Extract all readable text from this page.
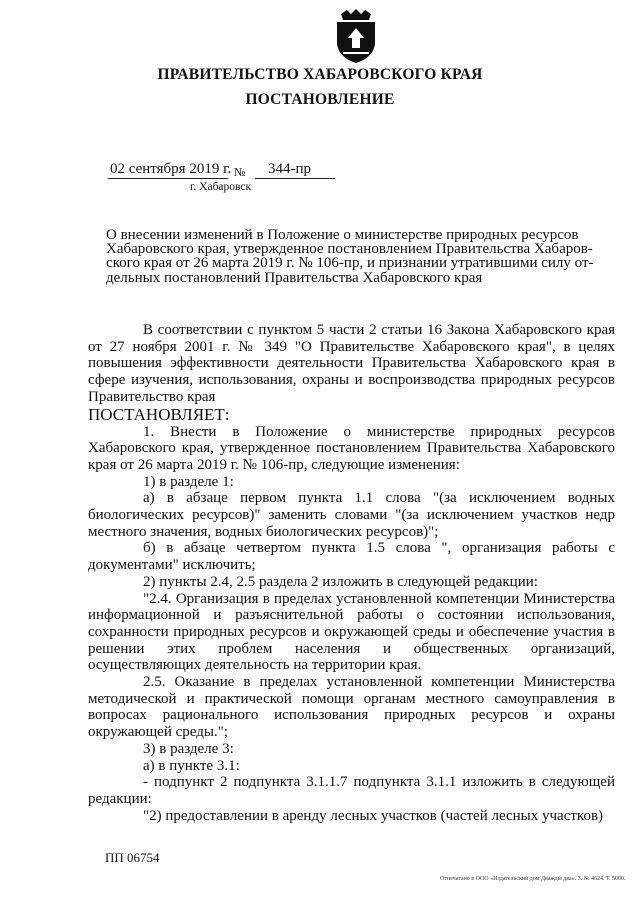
ПРАВИТЕЛЬСТВО ХАБАРОВСКОГО КРАЯ
ПОСТАНОВЛЕНИЕ
02 сентября 2019 г. № 344-пр
г. Хабаровск
О внесении изменений в Положение о министерстве природных ресурсов
Хабаровского края, утвержденное постановлением Правительства Хабаров-
ского края от 26 марта 2019 г. № 106-пр, и признании утратившими силу от-
дельных постановлений Правительства Хабаровского края

В соответствии с пунктом 5 части 2 статьи 16 Закона Хабаровского края от 27 ноября 2001 г. № 349 "О Правительстве Хабаровского края", в целях повышения эффективности деятельности Правительства Хабаровского края в сфере изучения, использования, охраны и воспроизводства природных ресурсов Правительство края

ПОСТАНОВЛЯЕТ:

1. Внести в Положение о министерстве природных ресурсов Хабаровского края, утвержденное постановлением Правительства Хабаровского края от 26 марта 2019 г. № 106-пр, следующие изменения:

1) в разделе 1:

а) в абзаце первом пункта 1.1 слова "(за исключением водных биологических ресурсов)" заменить словами "(за исключением участков недр местного значения, водных биологических ресурсов)";

б) в абзаце четвертом пункта 1.5 слова ", организация работы с документами" исключить;

2) пункты 2.4, 2.5 раздела 2 изложить в следующей редакции:

"2.4. Организация в пределах установленной компетенции Министерства информационной и разъяснительной работы о состоянии использования, сохранности природных ресурсов и окружающей среды и обеспечение участия в решении этих проблем населения и общественных организаций, осуществляющих деятельность на территории края.

2.5. Оказание в пределах установленной компетенции Министерства методической и практической помощи органам местного самоуправления в вопросах рационального использования природных ресурсов и охраны окружающей среды.";

3) в разделе 3:

а) в пункте 3.1:

- подпункт 2 подпункта 3.1.1.7 подпункта 3.1.1 изложить в следующей редакции:

"2) предоставлении в аренду лесных участков (частей лесных участков)

ПП 06754
Отпечатано в ООО «Издательский дом Дважды два». З. № 4624. Т. 5000.
